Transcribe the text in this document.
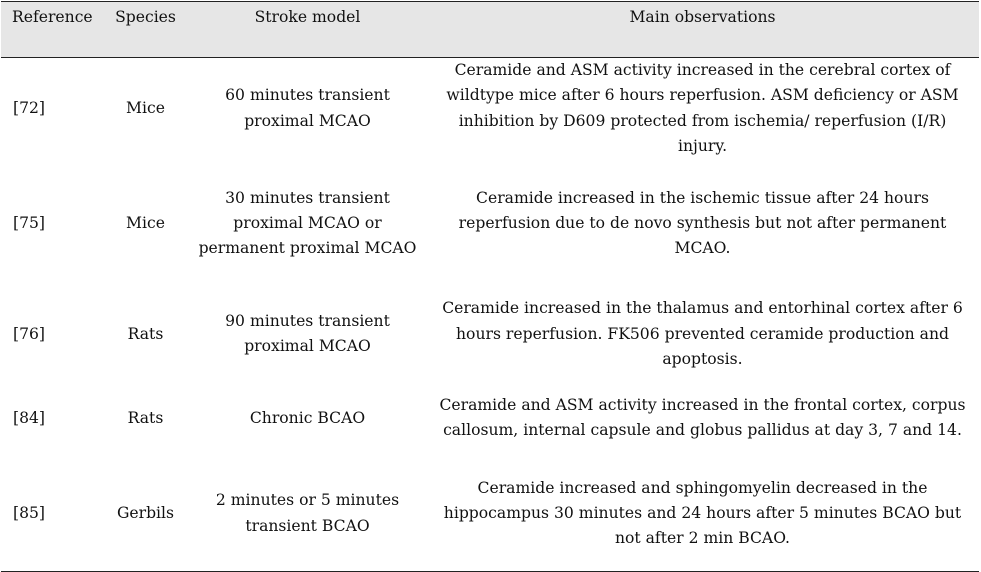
Reference	Species	Stroke model	Main observations
[72]	Mice	60 minutes transient proximal MCAO	Ceramide and ASM activity increased in the cerebral cortex of wildtype mice after 6 hours reperfusion. ASM deficiency or ASM inhibition by D609 protected from ischemia/ reperfusion (I/R) injury.
[75]	Mice	30 minutes transient proximal MCAO or permanent proximal MCAO	Ceramide increased in the ischemic tissue after 24 hours reperfusion due to de novo synthesis but not after permanent MCAO.
[76]	Rats	90 minutes transient proximal MCAO	Ceramide increased in the thalamus and entorhinal cortex after 6 hours reperfusion. FK506 prevented ceramide production and apoptosis.
[84]	Rats	Chronic BCAO	Ceramide and ASM activity increased in the frontal cortex, corpus callosum, internal capsule and globus pallidus at day 3, 7 and 14.
[85]	Gerbils	2 minutes or 5 minutes transient BCAO	Ceramide increased and sphingomyelin decreased in the hippocampus 30 minutes and 24 hours after 5 minutes BCAO but not after 2 min BCAO.
